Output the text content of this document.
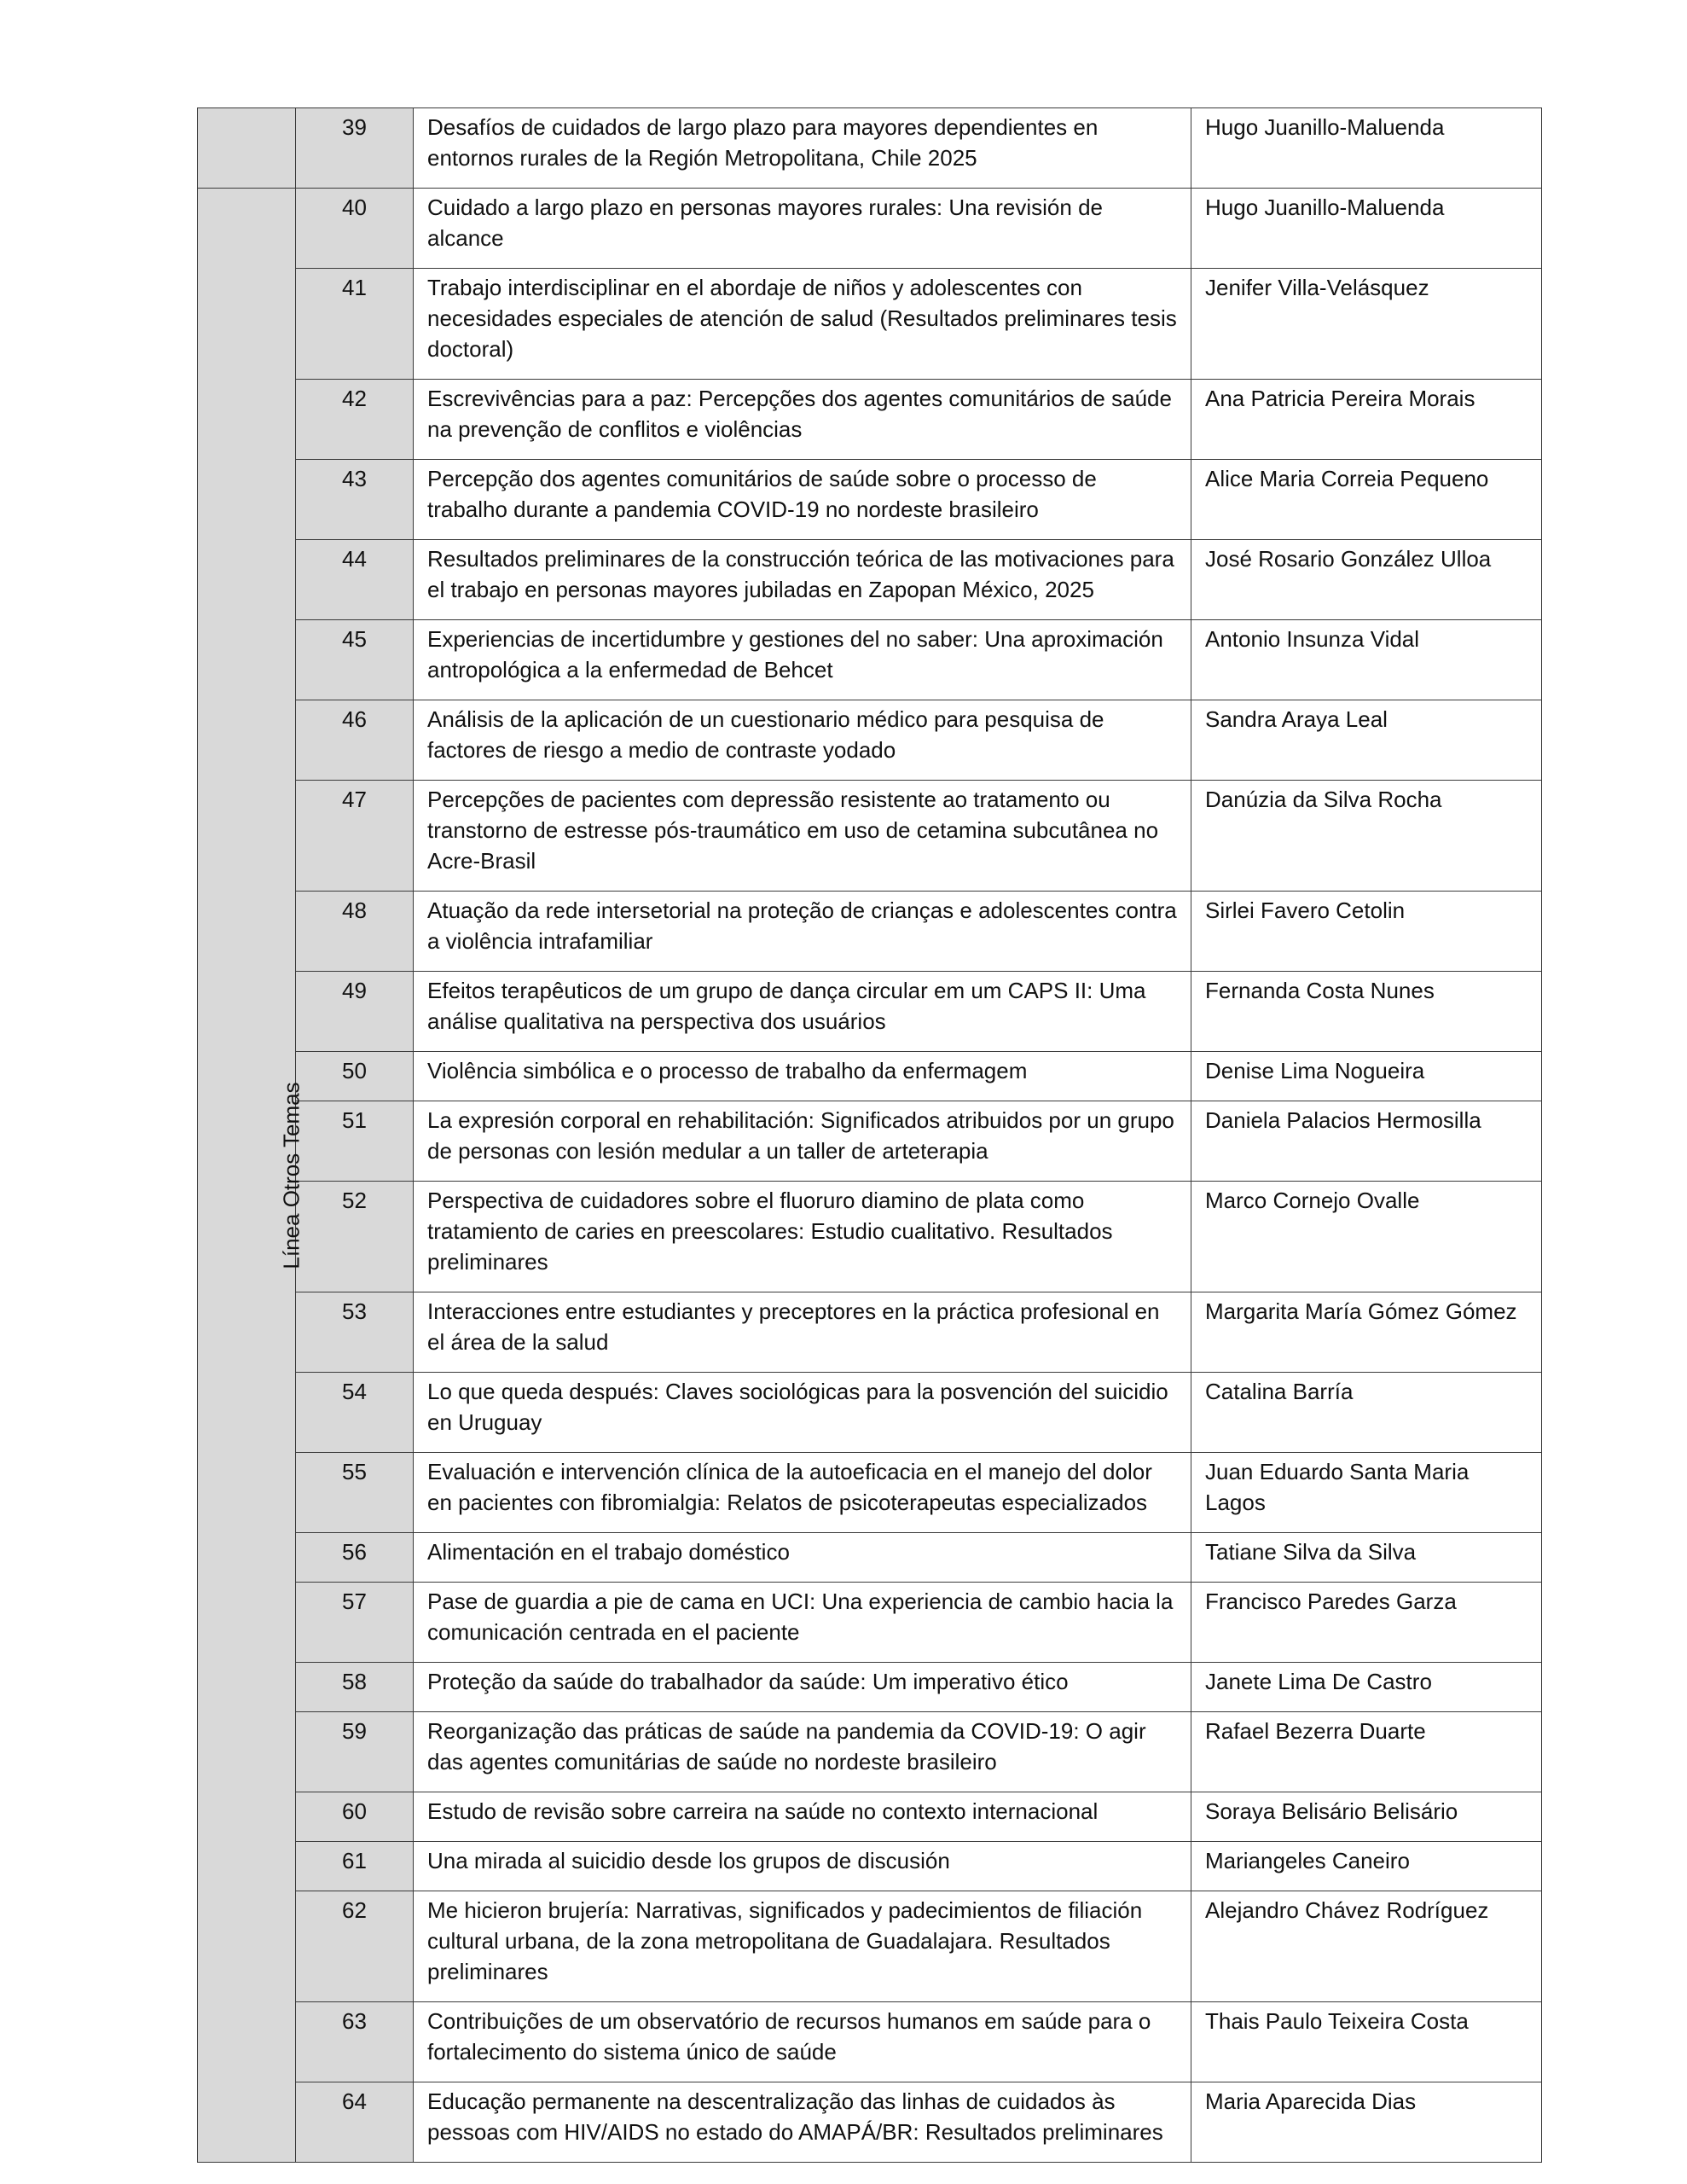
	39	Desafíos de cuidados de largo plazo para mayores dependientes en entornos rurales de la Región Metropolitana, Chile 2025	Hugo Juanillo-Maluenda
Línea Otros Temas	40	Cuidado a largo plazo en personas mayores rurales: Una revisión de alcance	Hugo Juanillo-Maluenda
	41	Trabajo interdisciplinar en el abordaje de niños y adolescentes con necesidades especiales de atención de salud (Resultados preliminares tesis doctoral)	Jenifer Villa-Velásquez
	42	Escrevivências para a paz: Percepções dos agentes comunitários de saúde na prevenção de conflitos e violências	Ana Patricia Pereira Morais
	43	Percepção dos agentes comunitários de saúde sobre o processo de trabalho durante a pandemia COVID-19 no nordeste brasileiro	Alice Maria Correia Pequeno
	44	Resultados preliminares de la construcción teórica de las motivaciones para el trabajo en personas mayores jubiladas en Zapopan México, 2025	José Rosario González Ulloa
	45	Experiencias de incertidumbre y gestiones del no saber: Una aproximación antropológica a la enfermedad de Behcet	Antonio Insunza Vidal
	46	Análisis de la aplicación de un cuestionario médico para pesquisa de factores de riesgo a medio de contraste yodado	Sandra Araya Leal
	47	Percepções de pacientes com depressão resistente ao tratamento ou transtorno de estresse pós-traumático em uso de cetamina subcutânea no Acre-Brasil	Danúzia da Silva Rocha
	48	Atuação da rede intersetorial na proteção de crianças e adolescentes contra a violência intrafamiliar	Sirlei Favero Cetolin
	49	Efeitos terapêuticos de um grupo de dança circular em um CAPS II: Uma análise qualitativa na perspectiva dos usuários	Fernanda Costa Nunes
	50	Violência simbólica e o processo de trabalho da enfermagem	Denise Lima Nogueira
	51	La expresión corporal en rehabilitación: Significados atribuidos por un grupo de personas con lesión medular a un taller de arteterapia	Daniela Palacios Hermosilla
	52	Perspectiva de cuidadores sobre el fluoruro diamino de plata como tratamiento de caries en preescolares: Estudio cualitativo. Resultados preliminares	Marco Cornejo Ovalle
	53	Interacciones entre estudiantes y preceptores en la práctica profesional en el área de la salud	Margarita María Gómez Gómez
	54	Lo que queda después: Claves sociológicas para la posvención del suicidio en Uruguay	Catalina Barría
	55	Evaluación e intervención clínica de la autoeficacia en el manejo del dolor en pacientes con fibromialgia: Relatos de psicoterapeutas especializados	Juan Eduardo Santa Maria Lagos
	56	Alimentación en el trabajo doméstico	Tatiane Silva da Silva
	57	Pase de guardia a pie de cama en UCI: Una experiencia de cambio hacia la comunicación centrada en el paciente	Francisco Paredes Garza
	58	Proteção da saúde do trabalhador da saúde: Um imperativo ético	Janete Lima De Castro
	59	Reorganização das práticas de saúde na pandemia da COVID-19: O agir das agentes comunitárias de saúde no nordeste brasileiro	Rafael Bezerra Duarte
	60	Estudo de revisão sobre carreira na saúde no contexto internacional	Soraya Belisário Belisário
	61	Una mirada al suicidio desde los grupos de discusión	Mariangeles Caneiro
	62	Me hicieron brujería: Narrativas, significados y padecimientos de filiación cultural urbana, de la zona metropolitana de Guadalajara. Resultados preliminares	Alejandro Chávez Rodríguez
	63	Contribuições de um observatório de recursos humanos em saúde para o fortalecimento do sistema único de saúde	Thais Paulo Teixeira Costa
	64	Educação permanente na descentralização das linhas de cuidados às pessoas com HIV/AIDS no estado do AMAPÁ/BR: Resultados preliminares	Maria Aparecida Dias
